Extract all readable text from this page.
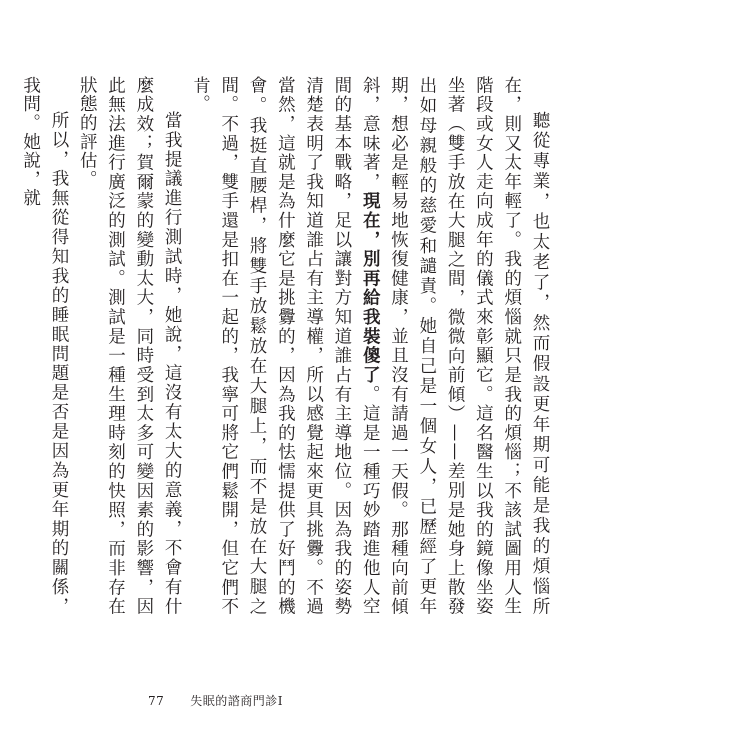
聽從專業，也太老了，然而假設更年期可能是我的煩惱所在，則又太年輕了。我的煩惱就只是我的煩惱；不該試圖用人生階段或女人走向成年的儀式來彰顯它。這名醫生以我的鏡像坐姿坐著（雙手放在大腿之間，微微向前傾）——差別是她身上散發出如母親般的慈愛和譴責。她自己是一個女人，已歷經了更年期，想必是輕易地恢復健康，並且沒有請過一天假。那種向前傾斜，意味著，現在，別再給我裝傻了。這是一種巧妙踏進他人空間的基本戰略，足以讓對方知道誰占有主導地位。因為我的姿勢清楚表明了我知道誰占有主導權，所以感覺起來更具挑釁。不過當然，這就是為什麼它是挑釁的，因為我的怯懦提供了好鬥的機會。我挺直腰桿，將雙手放鬆放在大腿上，而不是放在大腿之間。不過，雙手還是扣在一起的，我寧可將它們鬆開，但它們不肯。

當我提議進行測試時，她說，這沒有太大的意義，不會有什麼成效；賀爾蒙的變動太大，同時受到太多可變因素的影響，因此無法進行廣泛的測試。測試是一種生理時刻的快照，而非存在狀態的評估。

所以，我無從得知我的睡眠問題是否是因為更年期的關係，我問。她說，就

77 失眠的諮商門診I
